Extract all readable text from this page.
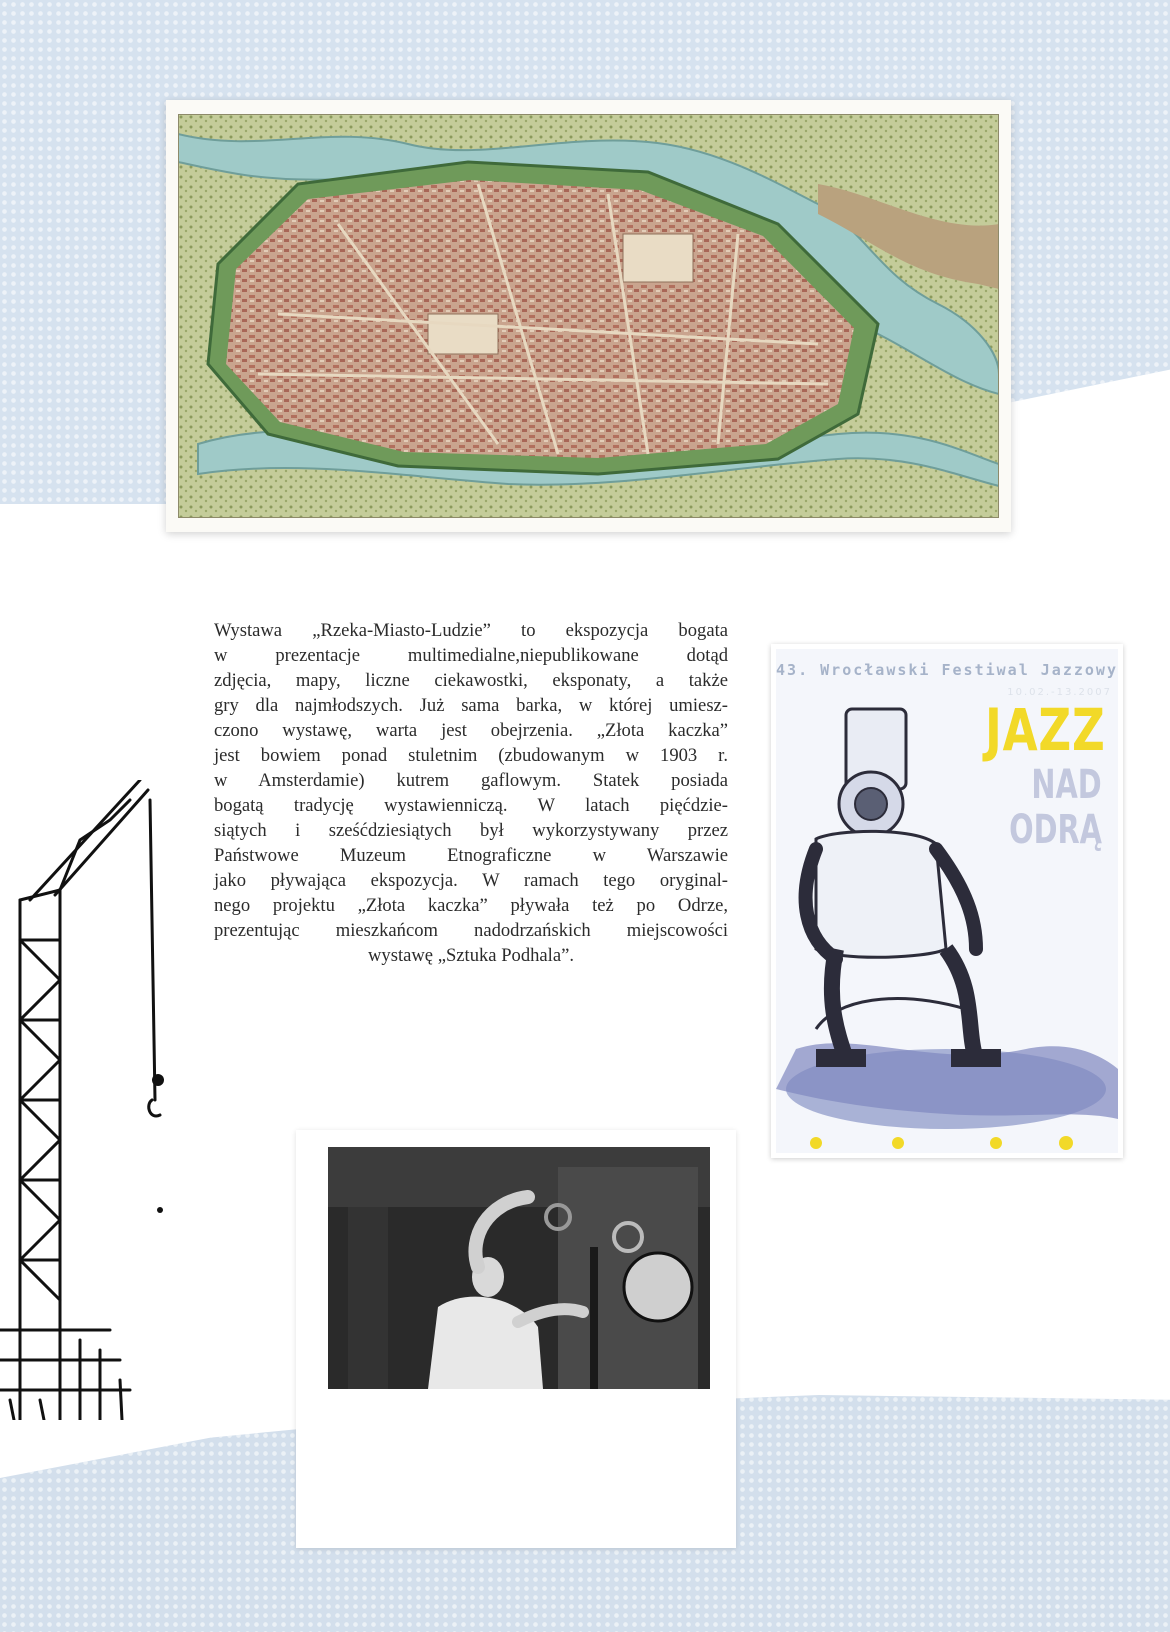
Wystawa „Rzeka-Miasto-Ludzie” to ekspozycja bogata
w prezentacje multimedialne,niepublikowane dotąd
zdjęcia, mapy, liczne ciekawostki, eksponaty, a także
gry dla najmłodszych. Już sama barka, w której umiesz-
czono wystawę, warta jest obejrzenia. „Złota kaczka”
jest bowiem ponad stuletnim (zbudowanym w 1903 r.
w Amsterdamie) kutrem gaflowym. Statek posiada
bogatą tradycję wystawienniczą. W latach pięćdzie-
siątych i sześćdziesiątych był wykorzystywany przez
Państwowe Muzeum Etnograficzne w Warszawie
jako pływająca ekspozycja. W ramach tego oryginal-
nego projektu „Złota kaczka” pływała też po Odrze,
prezentując mieszkańcom nadodrzańskich miejscowości
wystawę „Sztuka Podhala”.
43. Wrocławski Festiwal Jazzowy
10.02.-13.2007
JAZZ
NAD
ODRĄ
